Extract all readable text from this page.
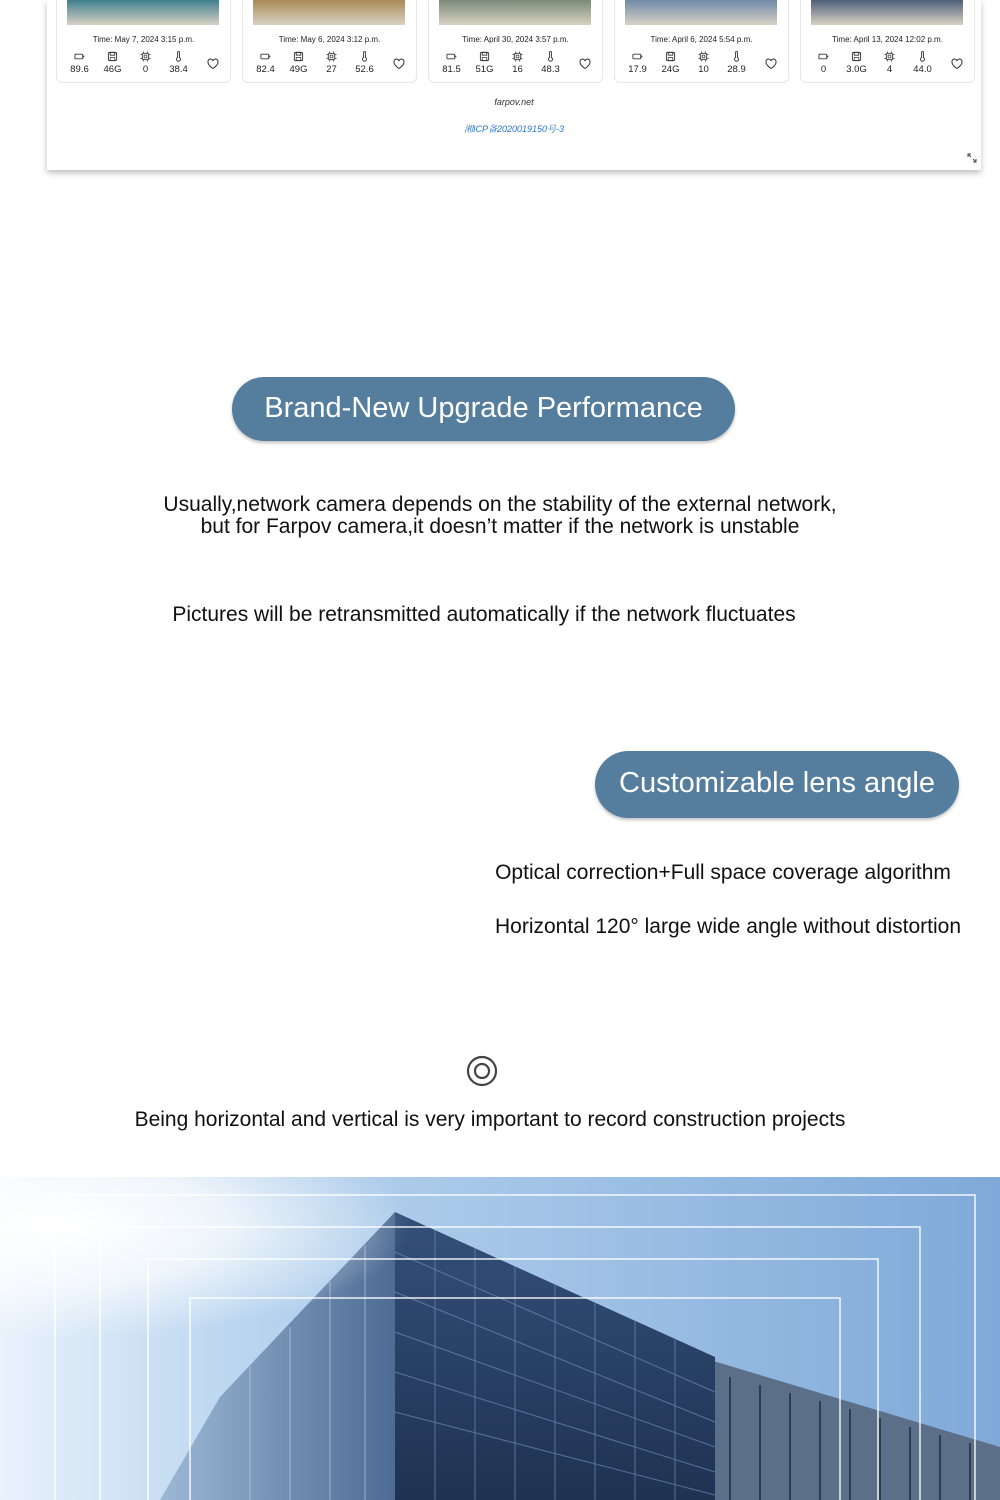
Time: May 7, 2024 3:15 p.m.
89.6	46G	0	38.4
Time: May 6, 2024 3:12 p.m.
82.4	49G	27	52.6
Time: April 30, 2024 3:57 p.m.
81.5	51G	16	48.3
Time: April 6, 2024 5:54 p.m.
17.9	24G	10	28.9
Time: April 13, 2024 12:02 p.m.
0	3.0G	4	44.0
farpov.net
湘ICP备2020019150号-3
Brand-New Upgrade Performance
Usually,network camera depends on the stability of the external network,
but for Farpov camera,it doesn’t matter if the network is unstable
Pictures will be retransmitted automatically if the network fluctuates
Customizable lens angle
Optical correction+Full space coverage algorithm
Horizontal 120° large wide angle without distortion
Being horizontal and vertical is very important to record construction projects
